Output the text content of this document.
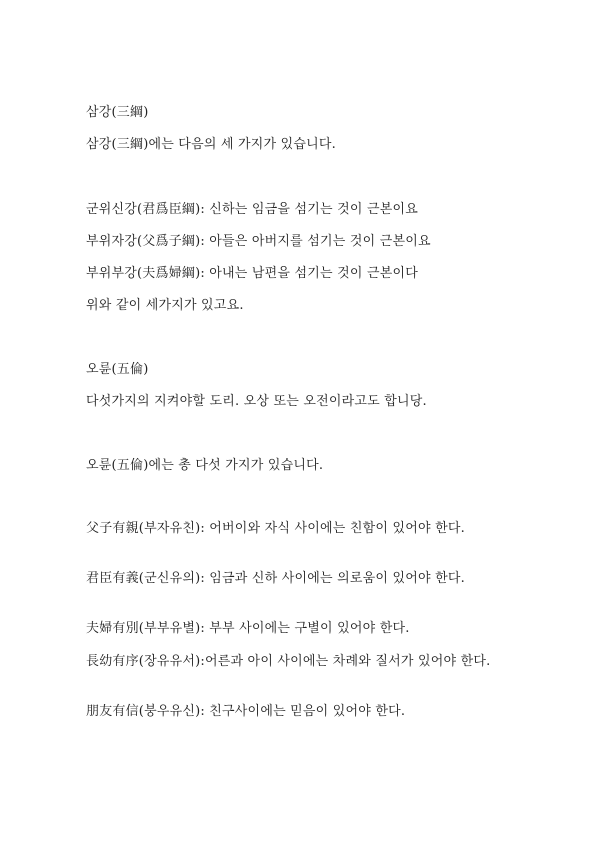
삼강(三綱)
삼강(三綱)에는 다음의 세 가지가 있습니다.
군위신강(君爲臣綱): 신하는 임금을 섬기는 것이 근본이요
부위자강(父爲子綱): 아들은 아버지를 섬기는 것이 근본이요
부위부강(夫爲婦綱): 아내는 남편을 섬기는 것이 근본이다
위와 같이 세가지가 있고요.
오륜(五倫)
다섯가지의 지켜야할 도리. 오상 또는 오전이라고도 합니당.
오륜(五倫)에는 총 다섯 가지가 있습니다.
父子有親(부자유친): 어버이와 자식 사이에는 친함이 있어야 한다.
君臣有義(군신유의): 임금과 신하 사이에는 의로움이 있어야 한다.
夫婦有別(부부유별): 부부 사이에는 구별이 있어야 한다.
長幼有序(장유유서):어른과 아이 사이에는 차례와 질서가 있어야 한다.
朋友有信(붕우유신): 친구사이에는 믿음이 있어야 한다.
